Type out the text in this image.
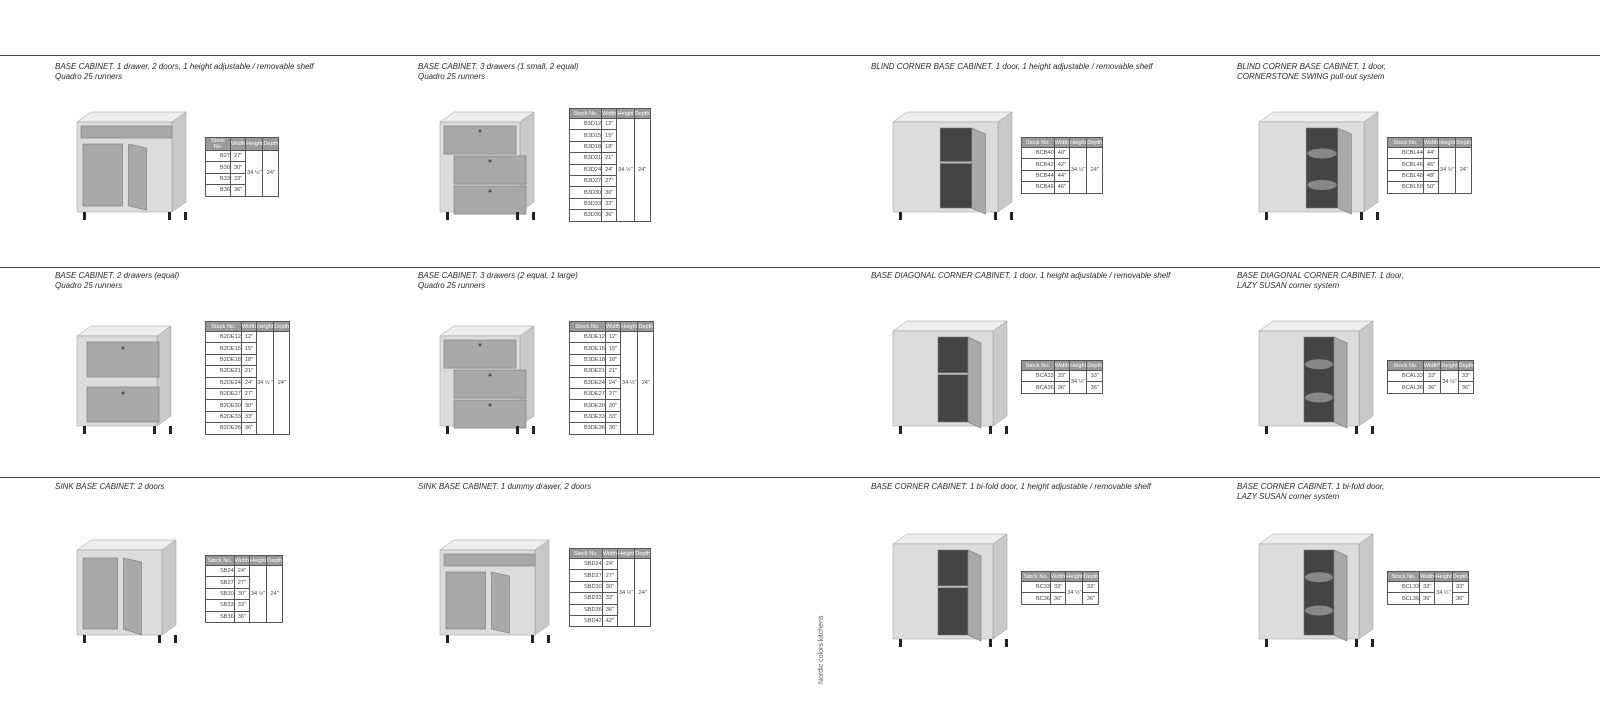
BASE CABINET. 1 drawer, 2 doors, 1 height adjustable / removable shelf
Quadro 25 runners
Stock No.	Width	Height	Depth
B27	27"	34 ½"	24"
B30	30"		
B33	33"		
B36	36"		
BASE CABINET. 3 drawers (1 small, 2 equal)
Quadro 25 runners
Stock No.	Width	Height	Depth
B3D12	12"	34 ½"	24"
B3D15	15"		
B3D18	18"		
B3D21	21"		
B3D24	24"		
B3D27	27"		
B3D30	30"		
B3D33	33"		
B3D36	36"		
BLIND CORNER BASE CABINET. 1 door, 1 height adjustable / removable shelf
Stock No.	Width	Height	Depth
BCB40	40"	34 ½"	24"
BCB42	42"		
BCB44	44"		
BCB46	46"		
BLIND CORNER BASE CABINET. 1 door,
CORNERSTONE SWING pull-out system
Stock No.	Width	Height	Depth
BCBL44	44"	34 ½"	24"
BCBL46	46"		
BCBL48	48"		
BCBL50	50"		
BASE CABINET. 2 drawers (equal)
Quadro 25 runners
Stock No.	Width	Height	Depth
B2DE12	12"	34 ½ "	24"
B2DE15	15"		
B2DE18	18"		
B2DE21	21"		
B2DE24	24"		
B2DE27	27"		
B2DE30	30"		
B2DE33	33"		
B2DE36	36"		
BASE CABINET. 3 drawers (2 equal, 1 large)
Quadro 25 runners
Stock No.	Width	Height	Depth
B3DE12	12"	34 ½"	24"
B3DE15	15"		
B3DE18	18"		
B3DE21	21"		
B3DE24	24"		
B3DE27	27"		
B3DE30	30"		
B3DE33	33"		
B3DE36	36"		
BASE DIAGONAL CORNER CABINET. 1 door, 1 height adjustable / removable shelf
Stock No.	Width	Height	Depth
BCA33	33"	34 ½"	33"
BCA36	36"		36"
BASE DIAGONAL CORNER CABINET. 1 door,
LAZY SUSAN corner system
Stock No.	Width*	Height	Depth
BCAL33	33"	34 ½"	33"
BCAL36	36"		36"
SINK BASE CABINET. 2 doors
Stock No.	Width	Height	Depth
SB24	24"	34 ½"	24"
SB27	27"		
SB30	30"		
SB33	33"		
SB36	36"		
SINK BASE CABINET. 1 dummy drawer, 2 doors
Stock No.	Width	Height	Depth
SBD24	24"	34 ½"	24"
SBD27	27"		
SBD30	30"		
SBD33	33"		
SBD36	36"		
SBD42	42"		
BASE CORNER CABINET. 1 bi-fold door, 1 height adjustable / removable shelf
Stock No.	Width	Height	Depth
BC33	33"	34 ½"	33"
BC36	36"		36"
BASE CORNER CABINET. 1 bi-fold door,
LAZY SUSAN corner system
Stock No.	Width	Height	Depth
BCL33	33"	34 ½"	33"
BCL36	36"		36"
Nordic colors kitchens
